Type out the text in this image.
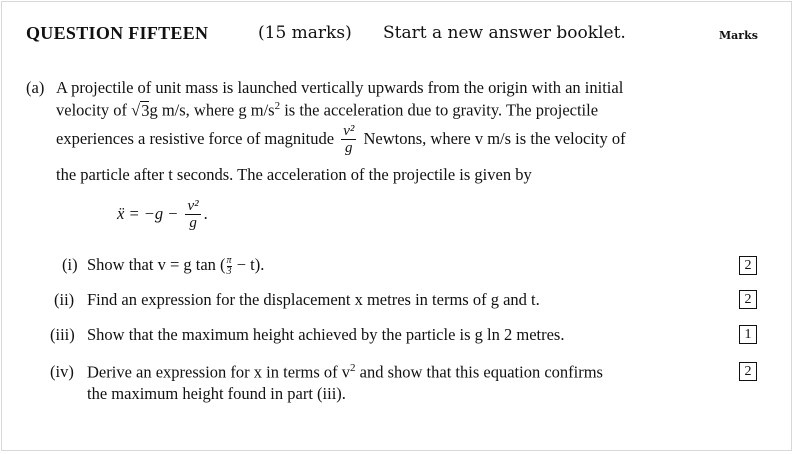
QUESTION FIFTEEN	(15 marks) Start a new answer booklet.	Marks
(a) A projectile of unit mass is launched vertically upwards from the origin with an initial
velocity of √3g m/s, where g $m/s^2$ is the acceleration due to gravity. The projectile
experiences a resistive force of magnitude $\frac{\text{v²}}{g}$ Newtons, where v m/s is the velocity of
the particle after t seconds. The acceleration of the projectile is given by
ẍ = $-g - \frac{\text{v²}}{g}$ .
(i) Show that v = g tan ( $\frac{\pi}{3} - t$).	2
(ii) Find an expression for the displacement x metres in terms of g and t.	2
(iii) Show that the maximum height achieved by the particle is g ln 2 metres.	1
(iv) Derive an expression for x in terms of $v^2$ and show that this equation confirms
the maximum height found in part (iii).
2
